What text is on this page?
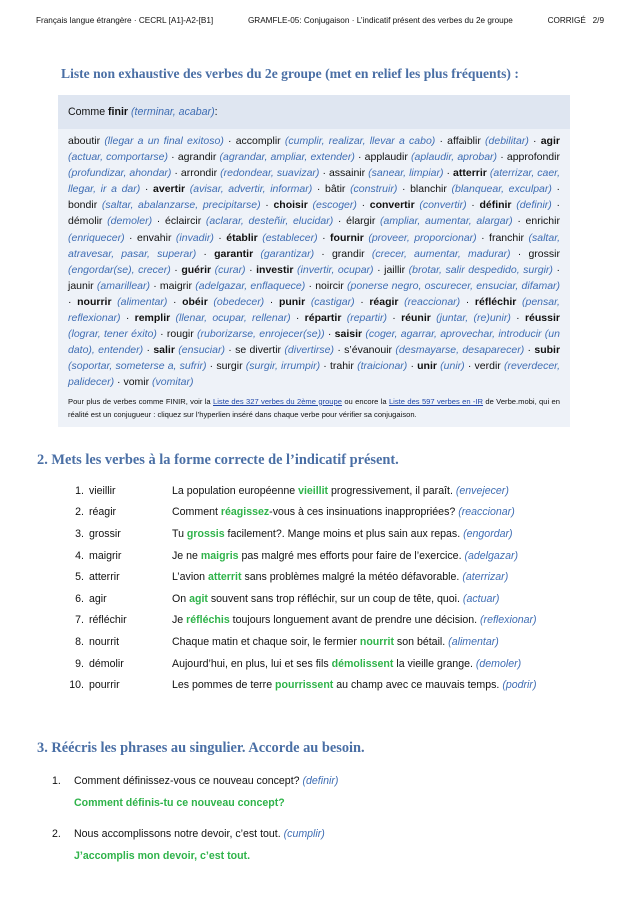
Français langue étrangère · CECRL [A1]-A2-[B1]	GRAMFLE-05: Conjugaison · L’indicatif présent des verbes du 2e groupe	CORRIGÉ   2/9
Liste non exhaustive des verbes du 2e groupe (met en relief les plus fréquents) :
Comme finir
(terminar, acabar) :

aboutir (llegar a un final exitoso) · accomplir (cumplir, realizar, llevar a cabo) · affaiblir (debilitar) · agir (actuar, comportarse) · agrandir (agrandar, ampliar, extender) · applaudir (aplaudir, aprobar) · approfondir (profundizar, ahondar) · arrondir (redondear, suavizar) · assainir (sanear, limpiar) · atterrir (aterrizar, caer, llegar, ir a dar) · avertir (avisar, advertir, informar) · bâtir (construir) · blanchir (blanquear, exculpar) · bondir (saltar, abalanzarse, precipitarse) · choisir (escoger) · convertir (convertir) · définir (definir) · démolir (demoler) · éclaircir (aclarar, desteñir, elucidar) · élargir (ampliar, aumentar, alargar) · enrichir (enriquecer) · envahir (invadir) · établir (establecer) · fournir (proveer, proporcionar) · franchir (saltar, atravesar, pasar, superar) · garantir (garantizar) · grandir (crecer, aumentar, madurar) · grossir (engordar(se), crecer) · guérir (curar) · investir (invertir, ocupar) · jaillir (brotar, salir despedido, surgir) · jaunir (amarillear) · maigrir (adelgazar, enflaquece) · noircir (ponerse negro, oscurecer, ensuciar, difamar) · nourrir (alimentar) · obéir (obedecer) · punir (castigar) · réagir (reaccionar) · réfléchir (pensar, reflexionar) · remplir (llenar, ocupar, rellenar) · répartir (repartir) · réunir (juntar, (re)unir) · réussir (lograr, tener éxito) · rougir (ruborizarse, enrojecer(se)) · saisir (coger, agarrar, aprovechar, introducir (un dato), entender) · salir (ensuciar) · se divertir (divertirse) · s’évanouir (desmayarse, desaparecer) · subir (soportar, someterse a, sufrir) · surgir (surgir, irrumpir) · trahir (traicionar) · unir (unir) · verdir (reverdecer, palidecer) · vomir (vomitar)

Pour plus de verbes comme FINIR, voir la Liste des 327 verbes du 2ème groupe ou encore la Liste des 597 verbes en -IR de Verbe.mobi, qui en réalité est un conjugueur : cliquez sur l’hyperlien inséré dans chaque verbe pour vérifier sa conjugaison.
2. Mets les verbes à la forme correcte de l’indicatif présent.
1.	vieillir	La population européenne vieillit progressivement, il paraît. (envejecer)
2.	réagir	Comment réagissez-vous à ces insinuations inappropriées? (reaccionar)
3.	grossir	Tu grossis facilement?. Mange moins et plus sain aux repas. (engordar)
4.	maigrir	Je ne maigris pas malgré mes efforts pour faire de l’exercice. (adelgazar)
5.	atterrir	L’avion atterrit sans problèmes malgré la météo défavorable. (aterrizar)
6.	agir	On agit souvent sans trop réfléchir, sur un coup de tête, quoi. (actuar)
7.	réfléchir	Je réfléchis toujours longuement avant de prendre une décision. (reflexionar)
8.	nourrit	Chaque matin et chaque soir, le fermier nourrit son bétail. (alimentar)
9.	démolir	Aujourd’hui, en plus, lui et ses fils démolissent la vieille grange. (demoler)
10.	pourrir	Les pommes de terre pourrissent au champ avec ce mauvais temps. (podrir)
3. Réécris les phrases au singulier. Accorde au besoin.
1. Comment définissez-vous ce nouveau concept? (definir)
Comment définis-tu ce nouveau concept?
2. Nous accomplissons notre devoir, c’est tout. (cumplir)
J’accomplis mon devoir, c’est tout.
